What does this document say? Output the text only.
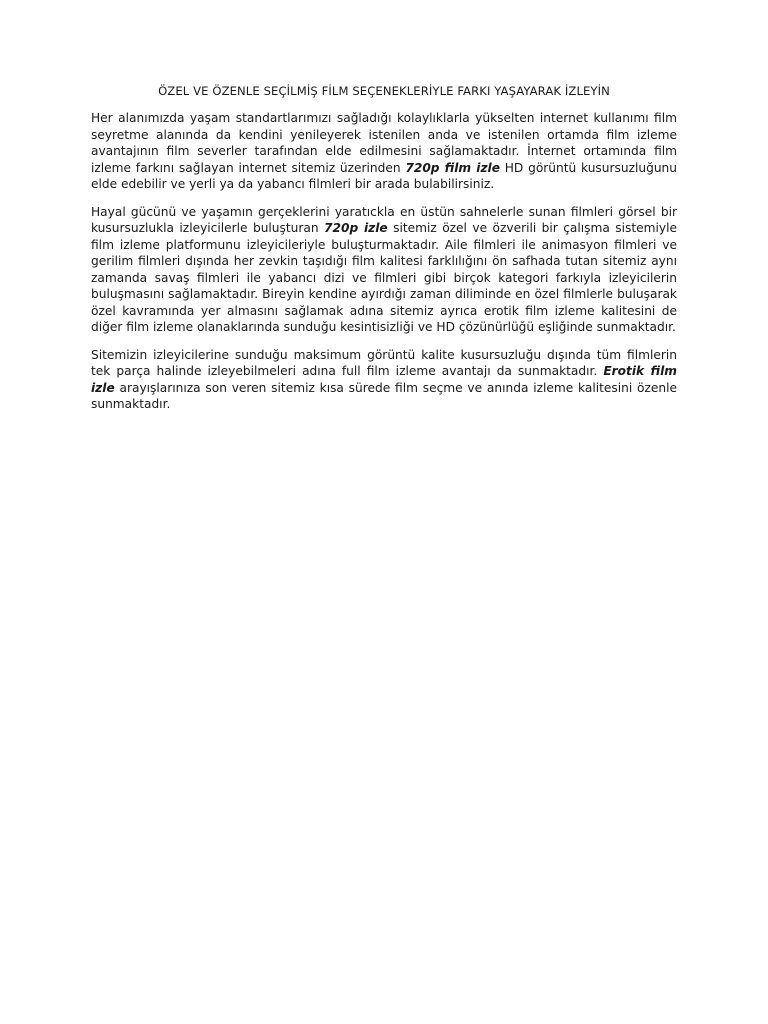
ÖZEL VE ÖZENLE SEÇİLMİŞ FİLM SEÇENEKLERİYLE FARKI YAŞAYARAK İZLEYİN

Her alanımızda yaşam standartlarımızı sağladığı kolaylıklarla yükselten internet kullanımı film seyretme alanında da kendini yenileyerek istenilen anda ve istenilen ortamda film izleme avantajının film severler tarafından elde edilmesini sağlamaktadır. İnternet ortamında film izleme farkını sağlayan internet sitemiz üzerinden 720p film izle HD görüntü kusursuzluğunu elde edebilir ve yerli ya da yabancı filmleri bir arada bulabilirsiniz.

Hayal gücünü ve yaşamın gerçeklerini yaratıckla en üstün sahnelerle sunan filmleri görsel bir kusursuzlukla izleyicilerle buluşturan 720p izle sitemiz özel ve özverili bir çalışma sistemiyle film izleme platformunu izleyicileriyle buluşturmaktadır. Aile filmleri ile animasyon filmleri ve gerilim filmleri dışında her zevkin taşıdığı film kalitesi farklılığını ön safhada tutan sitemiz aynı zamanda savaş filmleri ile yabancı dizi ve filmleri gibi birçok kategori farkıyla izleyicilerin buluşmasını sağlamaktadır. Bireyin kendine ayırdığı zaman diliminde en özel filmlerle buluşarak özel kavramında yer almasını sağlamak adına sitemiz ayrıca erotik film izleme kalitesini de diğer film izleme olanaklarında sunduğu kesintisizliği ve HD çözünürlüğü eşliğinde sunmaktadır.

Sitemizin izleyicilerine sunduğu maksimum görüntü kalite kusursuzluğu dışında tüm filmlerin tek parça halinde izleyebilmeleri adına full film izleme avantajı da sunmaktadır. Erotik film izle arayışlarınıza son veren sitemiz kısa sürede film seçme ve anında izleme kalitesini özenle sunmaktadır.
